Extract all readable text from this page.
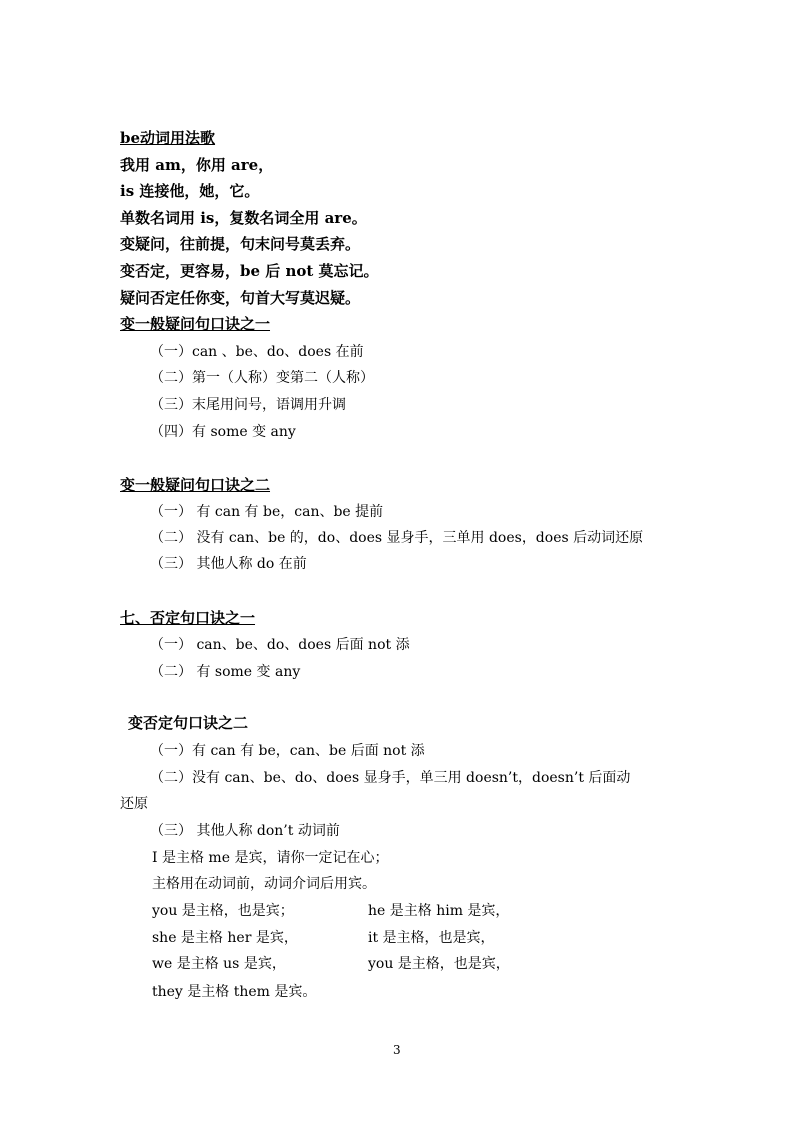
be动词用法歌
我用 am，你用 are，
is 连接他，她，它。
单数名词用 is，复数名词全用 are。
变疑问，往前提，句末问号莫丢弃。
变否定，更容易，be 后 not 莫忘记。
疑问否定任你变，句首大写莫迟疑。
变一般疑问句口诀之一
（一）can 、be、do、does 在前
（二）第一（人称）变第二（人称）
（三）末尾用问号，语调用升调
（四）有 some 变 any
变一般疑问句口诀之二
（一） 有 can 有 be，can、be 提前
（二） 没有 can、be 的，do、does 显身手，三单用 does，does 后动词还原
（三） 其他人称 do 在前
七、否定句口诀之一
（一） can、be、do、does 后面 not 添
（二） 有 some 变 any
变否定句口诀之二
（一）有 can 有 be，can、be 后面 not 添
（二）没有 can、be、do、does 显身手，单三用 doesn’t，doesn’t 后面动
还原
（三） 其他人称 don’t 动词前
I 是主格 me 是宾，请你一定记在心；
主格用在动词前，动词介词后用宾。
you 是主格，也是宾；
she 是主格 her 是宾，
we 是主格 us 是宾，
they 是主格 them 是宾。
he 是主格 him 是宾，
it 是主格，也是宾，
you 是主格，也是宾，
3
